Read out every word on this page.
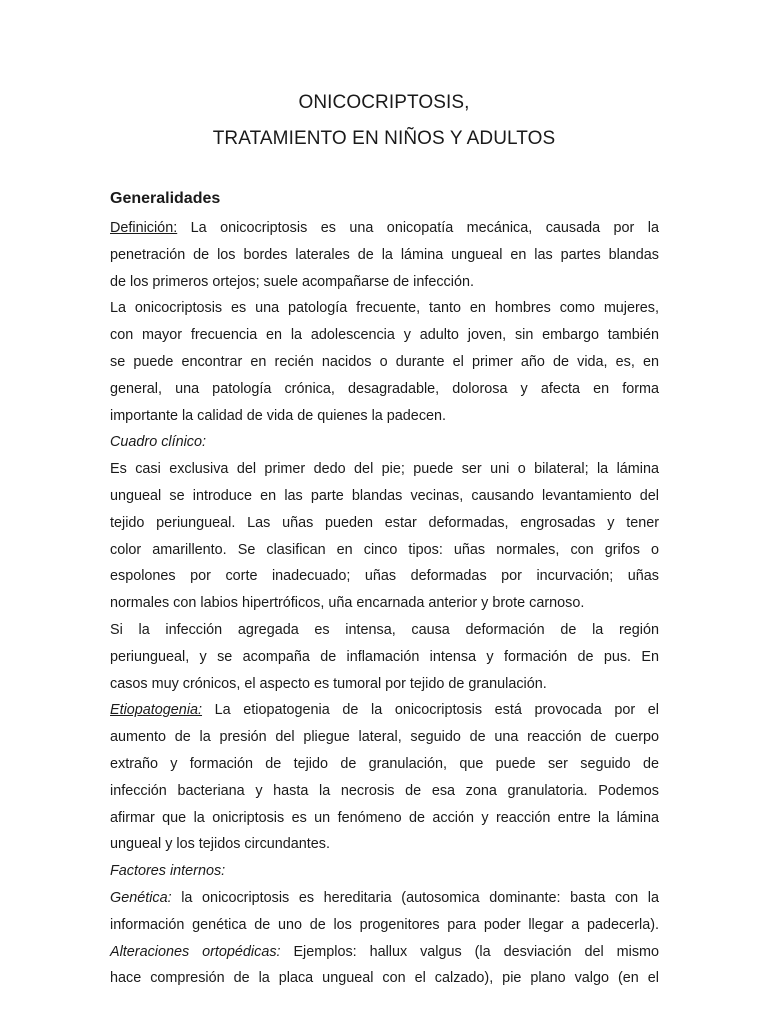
ONICOCRIPTOSIS,
TRATAMIENTO EN NIÑOS Y ADULTOS
Generalidades
Definición: La onicocriptosis es una onicopatía mecánica, causada por la
penetración de los bordes laterales de la lámina ungueal en las partes blandas
de los primeros ortejos; suele acompañarse de infección.
La onicocriptosis es una patología frecuente, tanto en hombres como mujeres,
con mayor frecuencia en la adolescencia y adulto joven, sin embargo también
se puede encontrar en recién nacidos o durante el primer año de vida, es, en
general, una patología crónica, desagradable, dolorosa y afecta en forma
importante la calidad de vida de quienes la padecen.
Cuadro clínico:
Es casi exclusiva del primer dedo del pie; puede ser uni o bilateral; la lámina
ungueal se introduce en las parte blandas vecinas, causando levantamiento del
tejido periungueal. Las uñas pueden estar deformadas, engrosadas y tener
color amarillento. Se clasifican en cinco tipos: uñas normales, con grifos o
espolones por corte inadecuado; uñas deformadas por incurvación; uñas
normales con labios hipertróficos, uña encarnada anterior y brote carnoso.
Si la infección agregada es intensa, causa deformación de la región
periungueal, y se acompaña de inflamación intensa y formación de pus. En
casos muy crónicos, el aspecto es tumoral por tejido de granulación.
Etiopatogenia: La etiopatogenia de la onicocriptosis está provocada por el
aumento de la presión del pliegue lateral, seguido de una reacción de cuerpo
extraño y formación de tejido de granulación, que puede ser seguido de
infección bacteriana y hasta la necrosis de esa zona granulatoria. Podemos
afirmar que la onicriptosis es un fenómeno de acción y reacción entre la lámina
ungueal y los tejidos circundantes.
Factores internos:
Genética: la onicocriptosis es hereditaria (autosomica dominante: basta con la
información genética de uno de los progenitores para poder llegar a padecerla).
Alteraciones ortopédicas: Ejemplos: hallux valgus (la desviación del mismo
hace compresión de la placa ungueal con el calzado), pie plano valgo (en el
